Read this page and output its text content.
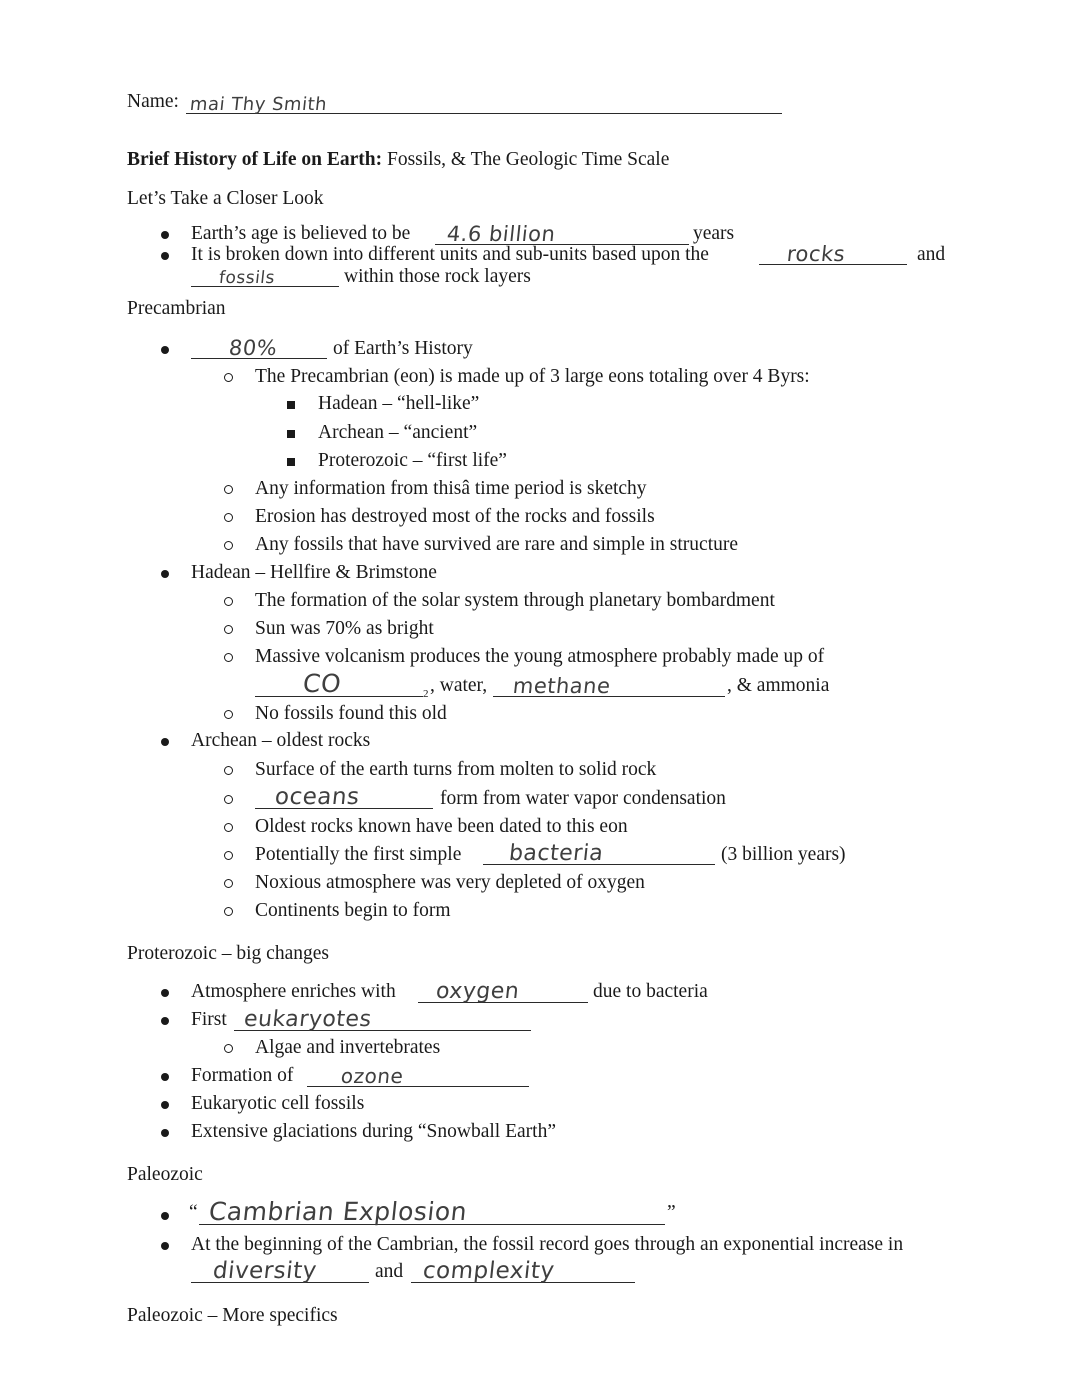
Name: mai Thy Smith
Brief History of Life on Earth: Fossils, & The Geologic Time Scale
Let’s Take a Closer Look
Earth’s age is believed to be 4.6 billion	years
It is broken down into different units and sub-units based upon the	rocks	and
fossils	within those rock layers
Precambrian
80%	of Earth’s History
The Precambrian (eon) is made up of 3 large eons totaling over 4 Byrs:
Hadean – “hell-like”
Archean – “ancient”
Proterozoic – “first life”
Any information from thisâ time period is sketchy
Erosion has destroyed most of the rocks and fossils
Any fossils that have survived are rare and simple in structure
Hadean – Hellfire & Brimstone
The formation of the solar system through planetary bombardment
Sun was 70% as bright
Massive volcanism produces the young atmosphere probably made up of
CO	2 , water, methane	, & ammonia
No fossils found this old
Archean – oldest rocks
Surface of the earth turns from molten to solid rock
oceans	form from water vapor condensation
Oldest rocks known have been dated to this eon
Potentially the first simple bacteria	(3 billion years)
Noxious atmosphere was very depleted of oxygen
Continents begin to form
Proterozoic – big changes
Atmosphere enriches with oxygen	due to bacteria
First eukaryotes
Algae and invertebrates
Formation of ozone
Eukaryotic cell fossils
Extensive glaciations during “Snowball Earth”
Paleozoic
“ Cambrian Explosion	”
At the beginning of the Cambrian, the fossil record goes through an exponential increase in
diversity	and complexity
Paleozoic – More specifics
